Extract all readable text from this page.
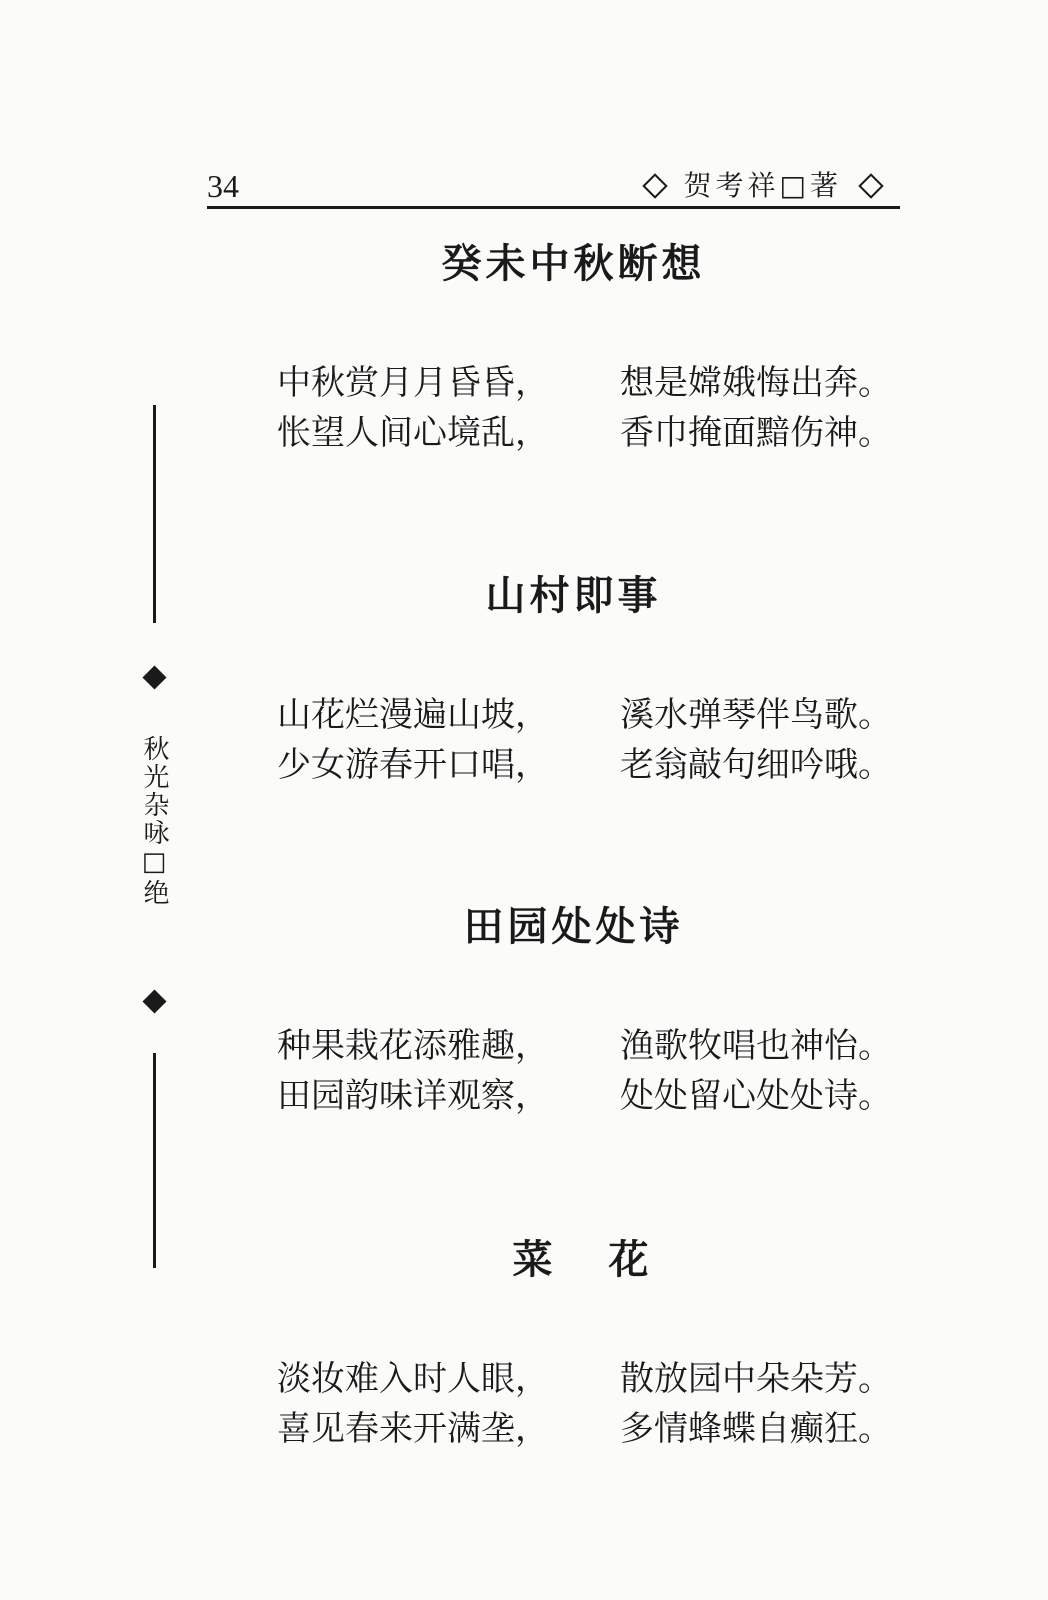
34	贺考祥□著
秋光杂咏□绝
癸未中秋断想
中秋赏月月昏昏， 想是嫦娥悔出奔。
怅望人间心境乱， 香巾掩面黯伤神。
山村即事
山花烂漫遍山坡， 溪水弹琴伴鸟歌。
少女游春开口唱， 老翁敲句细吟哦。
田园处处诗
种果栽花添雅趣， 渔歌牧唱也神怡。
田园韵味详观察， 处处留心处处诗。
菜花
淡妆难入时人眼， 散放园中朵朵芳。
喜见春来开满垄， 多情蜂蝶自癫狂。
